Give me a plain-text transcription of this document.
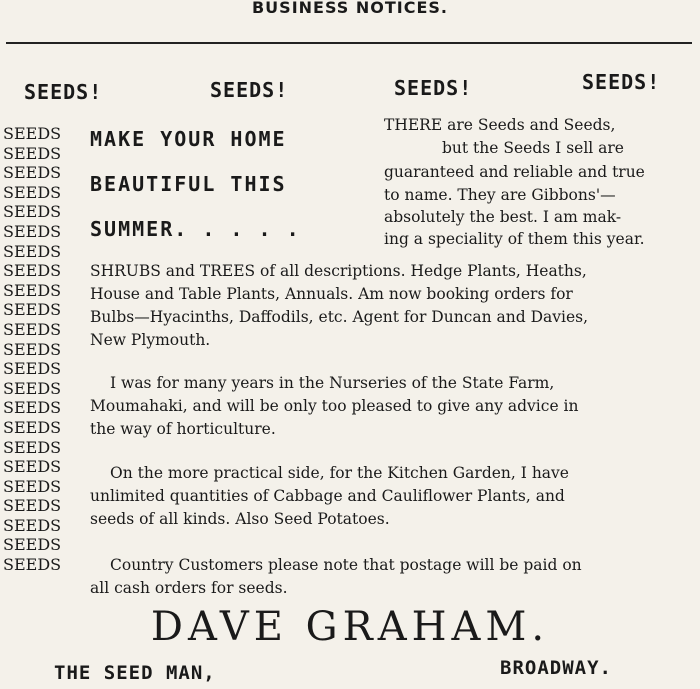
BUSINESS NOTICES.
SEEDS!	SEEDS!	SEEDS!	SEEDS!
SEEDS
SEEDS
SEEDS
SEEDS
SEEDS
SEEDS
SEEDS
SEEDS
SEEDS
SEEDS
SEEDS
SEEDS
SEEDS
SEEDS
SEEDS
SEEDS
SEEDS
SEEDS
SEEDS
SEEDS
SEEDS
SEEDS
SEEDS
MAKE YOUR HOME
BEAUTIFUL THIS
SUMMER. . . . .
THERE are Seeds and Seeds,
but the Seeds I sell are
guaranteed and reliable and true
to name. They are Gibbons'—
absolutely the best. I am mak-
ing a speciality of them this year.
SHRUBS and TREES of all descriptions. Hedge Plants, Heaths,
House and Table Plants, Annuals. Am now booking orders for
Bulbs—Hyacinths, Daffodils, etc. Agent for Duncan and Davies,
New Plymouth.
I was for many years in the Nurseries of the State Farm,
Moumahaki, and will be only too pleased to give any advice in
the way of horticulture.
On the more practical side, for the Kitchen Garden, I have
unlimited quantities of Cabbage and Cauliflower Plants, and
seeds of all kinds. Also Seed Potatoes.
Country Customers please note that postage will be paid on
all cash orders for seeds.
DAVE GRAHAM.
THE SEED MAN,	BROADWAY.
